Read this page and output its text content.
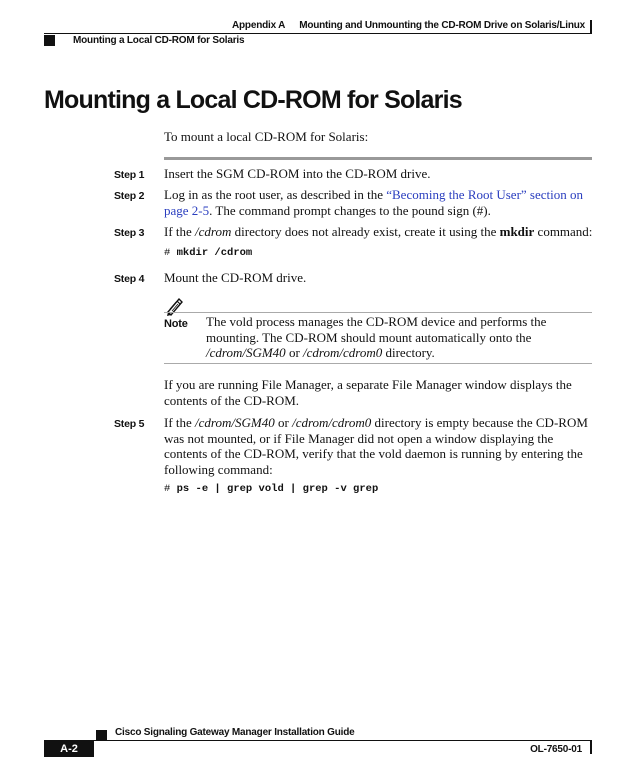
Appendix A Mounting and Unmounting the CD-ROM Drive on Solaris/Linux
Mounting a Local CD-ROM for Solaris
Mounting a Local CD-ROM for Solaris
To mount a local CD-ROM for Solaris:
Step 1 Insert the SGM CD-ROM into the CD-ROM drive.
Step 2 Log in as the root user, as described in the “Becoming the Root User” section on page 2-5. The command prompt changes to the pound sign (#).
Step 3 If the /cdrom directory does not already exist, create it using the mkdir command:
# mkdir /cdrom
Step 4 Mount the CD-ROM drive.
Note The vold process manages the CD-ROM device and performs the mounting. The CD-ROM should mount automatically onto the /cdrom/SGM40 or /cdrom/cdrom0 directory.
If you are running File Manager, a separate File Manager window displays the contents of the CD-ROM.
Step 5 If the /cdrom/SGM40 or /cdrom/cdrom0 directory is empty because the CD-ROM was not mounted, or if File Manager did not open a window displaying the contents of the CD-ROM, verify that the vold daemon is running by entering the following command:
# ps -e | grep vold | grep -v grep
Cisco Signaling Gateway Manager Installation Guide
A-2	OL-7650-01
